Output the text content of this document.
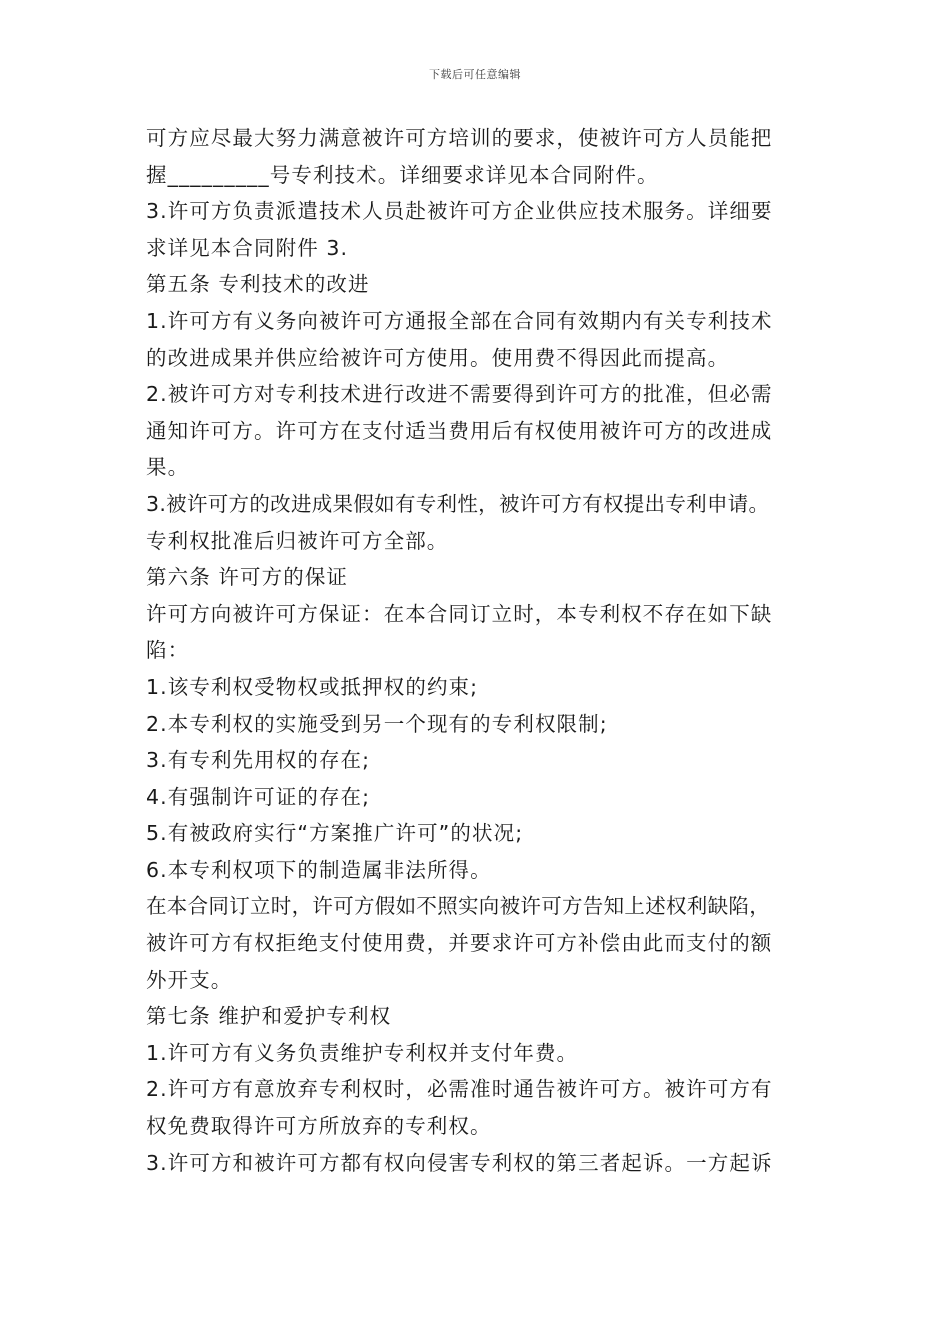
下载后可任意编辑
可方应尽最大努力满意被许可方培训的要求，使被许可方人员能把
握_________号专利技术。详细要求详见本合同附件。
3.许可方负责派遣技术人员赴被许可方企业供应技术服务。详细要
求详见本合同附件 3.
第五条 专利技术的改进
1.许可方有义务向被许可方通报全部在合同有效期内有关专利技术
的改进成果并供应给被许可方使用。使用费不得因此而提高。
2.被许可方对专利技术进行改进不需要得到许可方的批准，但必需
通知许可方。许可方在支付适当费用后有权使用被许可方的改进成
果。
3.被许可方的改进成果假如有专利性，被许可方有权提出专利申请。
专利权批准后归被许可方全部。
第六条 许可方的保证
许可方向被许可方保证：在本合同订立时，本专利权不存在如下缺
陷：
1.该专利权受物权或抵押权的约束;
2.本专利权的实施受到另一个现有的专利权限制;
3.有专利先用权的存在;
4.有强制许可证的存在;
5.有被政府实行“方案推广许可”的状况;
6.本专利权项下的制造属非法所得。
在本合同订立时，许可方假如不照实向被许可方告知上述权利缺陷，
被许可方有权拒绝支付使用费，并要求许可方补偿由此而支付的额
外开支。
第七条 维护和爱护专利权
1.许可方有义务负责维护专利权并支付年费。
2.许可方有意放弃专利权时，必需准时通告被许可方。被许可方有
权免费取得许可方所放弃的专利权。
3.许可方和被许可方都有权向侵害专利权的第三者起诉。一方起诉
